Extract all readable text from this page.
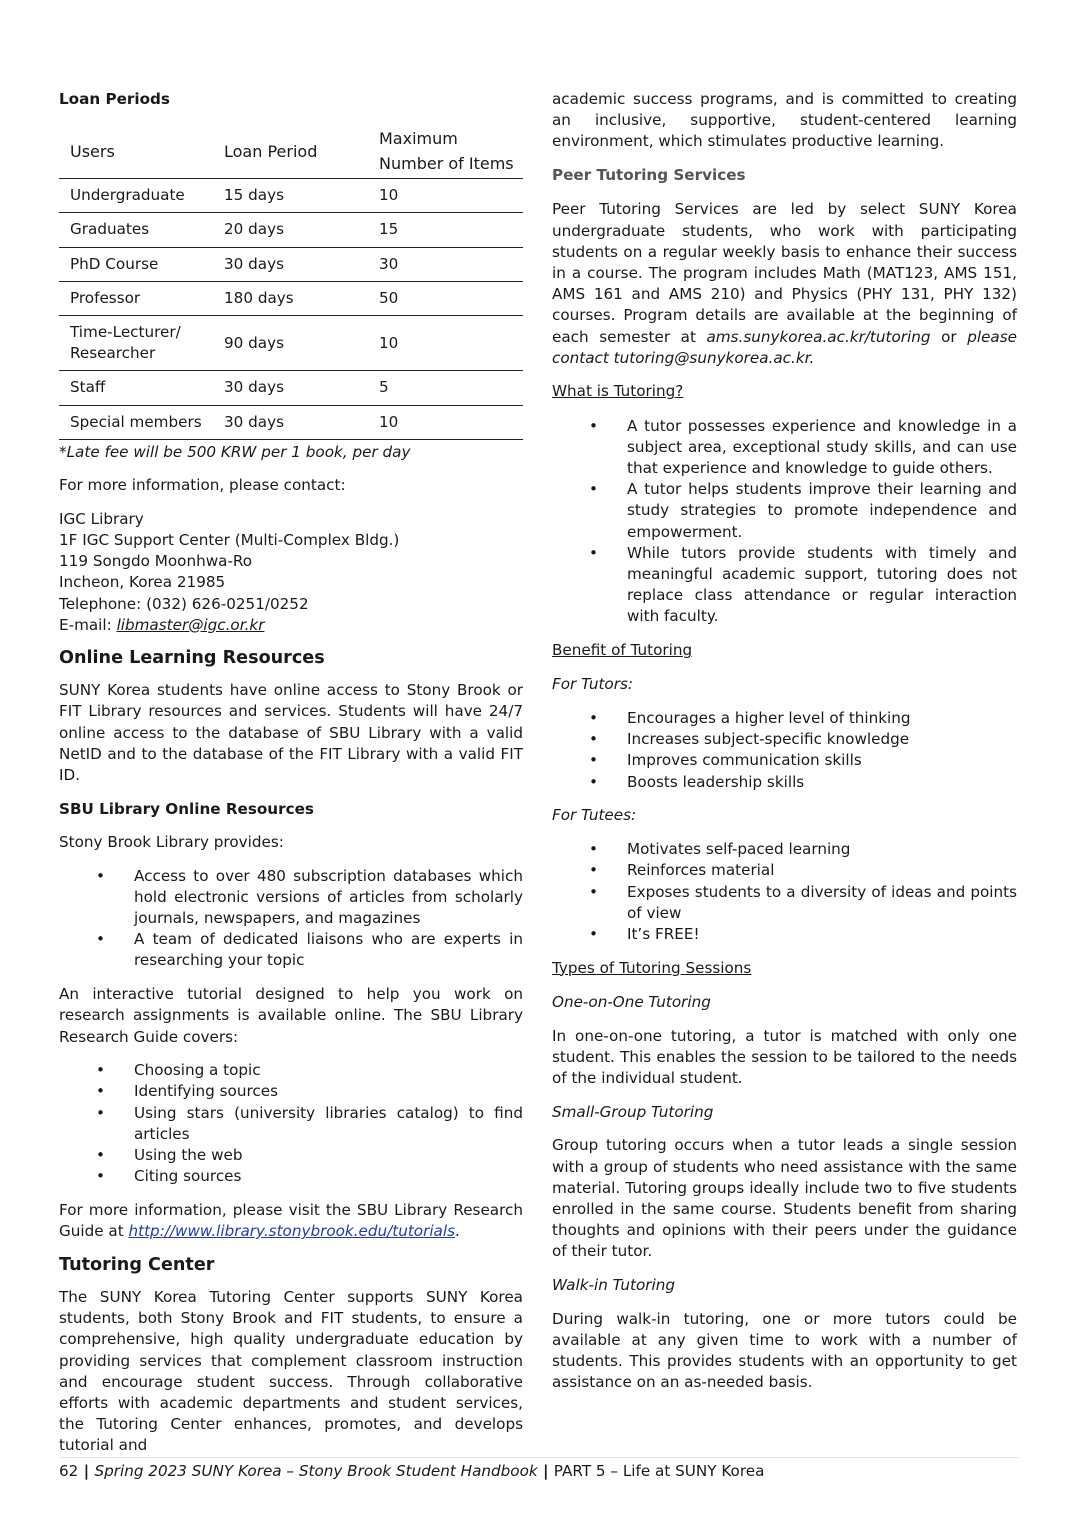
Loan Periods
Users	Loan Period	Maximum
Number of Items

Undergraduate	15 days	10
Graduates	20 days	15
PhD Course	30 days	30
Professor	180 days	50

Time-Lecturer/
Researcher	90 days	10
Staff	30 days	5
Special members	30 days	10
*Late fee will be 500 KRW per 1 book, per day

For more information, please contact:

IGC Library
1F IGC Support Center (Multi-Complex Bldg.)
119 Songdo Moonhwa-Ro
Incheon, Korea 21985
Telephone: (032) 626-0251/0252
E-mail: libmaster@igc.or.kr
Online Learning Resources

SUNY Korea students have online access to Stony Brook or FIT Library resources and services. Students will have 24/7 online access to the database of SBU Library with a valid NetID and to the database of the FIT Library with a valid FIT ID.

SBU Library Online Resources

Stony Brook Library provides:

• Access to over 480 subscription databases which hold electronic versions of articles from scholarly journals, newspapers, and magazines
• A team of dedicated liaisons who are experts in researching your topic

An interactive tutorial designed to help you work on research assignments is available online. The SBU Library Research Guide covers:

• Choosing a topic
• Identifying sources
• Using stars (university libraries catalog) to find articles
• Using the web
• Citing sources

For more information, please visit the SBU Library Research Guide at http://www.library.stonybrook.edu/tutorials.

Tutoring Center

The SUNY Korea Tutoring Center supports SUNY Korea students, both Stony Brook and FIT students, to ensure a comprehensive, high quality undergraduate education by providing services that complement classroom instruction and encourage student success. Through collaborative efforts with academic departments and student services, the Tutoring Center enhances, promotes, and develops tutorial and

academic success programs, and is committed to creating an inclusive, supportive, student-centered learning environment, which stimulates productive learning.

Peer Tutoring Services

Peer Tutoring Services are led by select SUNY Korea undergraduate students, who work with participating students on a regular weekly basis to enhance their success in a course. The program includes Math (MAT123, AMS 151, AMS 161 and AMS 210) and Physics (PHY 131, PHY 132) courses. Program details are available at the beginning of each semester at ams.sunykorea.ac.kr/tutoring or please contact tutoring@sunykorea.ac.kr.

What is Tutoring?
• A tutor possesses experience and knowledge in a subject area, exceptional study skills, and can use that experience and knowledge to guide others.
• A tutor helps students improve their learning and study strategies to promote independence and empowerment.
• While tutors provide students with timely and meaningful academic support, tutoring does not replace class attendance or regular interaction with faculty.
Benefit of Tutoring
For Tutors:
• Encourages a higher level of thinking
• Increases subject-specific knowledge
• Improves communication skills
• Boosts leadership skills
For Tutees:
• Motivates self-paced learning
• Reinforces material
• Exposes students to a diversity of ideas and points of view
• It’s FREE!
Types of Tutoring Sessions
One-on-One Tutoring

In one-on-one tutoring, a tutor is matched with only one student. This enables the session to be tailored to the needs of the individual student.

Small-Group Tutoring

Group tutoring occurs when a tutor leads a single session with a group of students who need assistance with the same material. Tutoring groups ideally include two to five students enrolled in the same course. Students benefit from sharing thoughts and opinions with their peers under the guidance of their tutor.

Walk-in Tutoring

During walk-in tutoring, one or more tutors could be available at any given time to work with a number of students. This provides students with an opportunity to get assistance on an as-needed basis.

62 | Spring 2023 SUNY Korea – Stony Brook Student Handbook | PART 5 – Life at SUNY Korea
